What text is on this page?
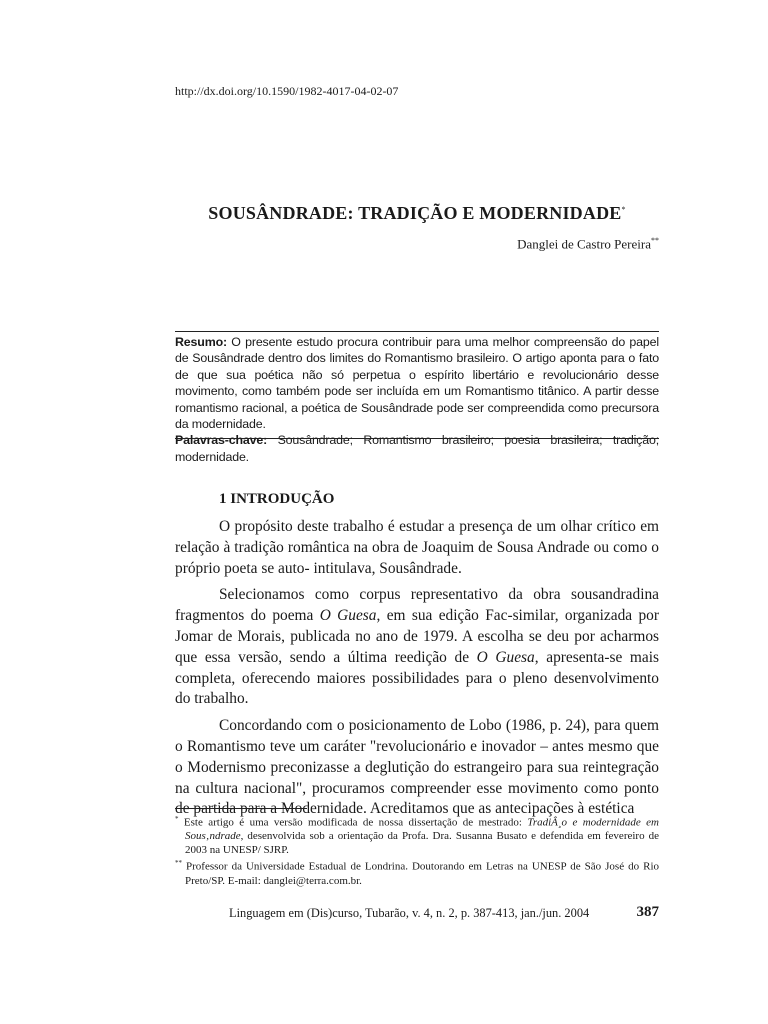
http://dx.doi.org/10.1590/1982-4017-04-02-07
SOUSÂNDRADE: TRADIÇÃO E MODERNIDADE*
Danglei de Castro Pereira**
Resumo: O presente estudo procura contribuir para uma melhor compreensão do papel de Sousândrade dentro dos limites do Romantismo brasileiro. O artigo aponta para o fato de que sua poética não só perpetua o espírito libertário e revolucionário desse movimento, como também pode ser incluída em um Romantismo titânico. A partir desse romantismo racional, a poética de Sousândrade pode ser compreendida como precursora da modernidade.
Palavras-chave: Sousândrade; Romantismo brasileiro; poesia brasileira; tradição; modernidade.
1 INTRODUÇÃO

O propósito deste trabalho é estudar a presença de um olhar crítico em relação à tradição romântica na obra de Joaquim de Sousa Andrade ou como o próprio poeta se auto- intitulava, Sousândrade.

Selecionamos como corpus representativo da obra sousandradina fragmentos do poema O Guesa, em sua edição Fac-similar, organizada por Jomar de Morais, publicada no ano de 1979. A escolha se deu por acharmos que essa versão, sendo a última reedição de O Guesa, apresenta-se mais completa, oferecendo maiores possibilidades para o pleno desenvolvimento do trabalho.

Concordando com o posicionamento de Lobo (1986, p. 24), para quem o Romantismo teve um caráter "revolucionário e inovador – antes mesmo que o Modernismo preconizasse a deglutição do estrangeiro para sua reintegração na cultura nacional", procuramos compreender esse movimento como ponto de partida para a Modernidade. Acreditamos que as antecipações à estética

* Este artigo é uma versão modificada de nossa dissertação de mestrado: TradiÂ¸o e modernidade em Sous‚ndrade, desenvolvida sob a orientação da Profa. Dra. Susanna Busato e defendida em fevereiro de 2003 na UNESP/ SJRP.

** Professor da Universidade Estadual de Londrina. Doutorando em Letras na UNESP de São José do Rio Preto/SP. E-mail: danglei@terra.com.br.

Linguagem em (Dis)curso, Tubarão, v. 4, n. 2, p. 387-413, jan./jun. 2004	387
